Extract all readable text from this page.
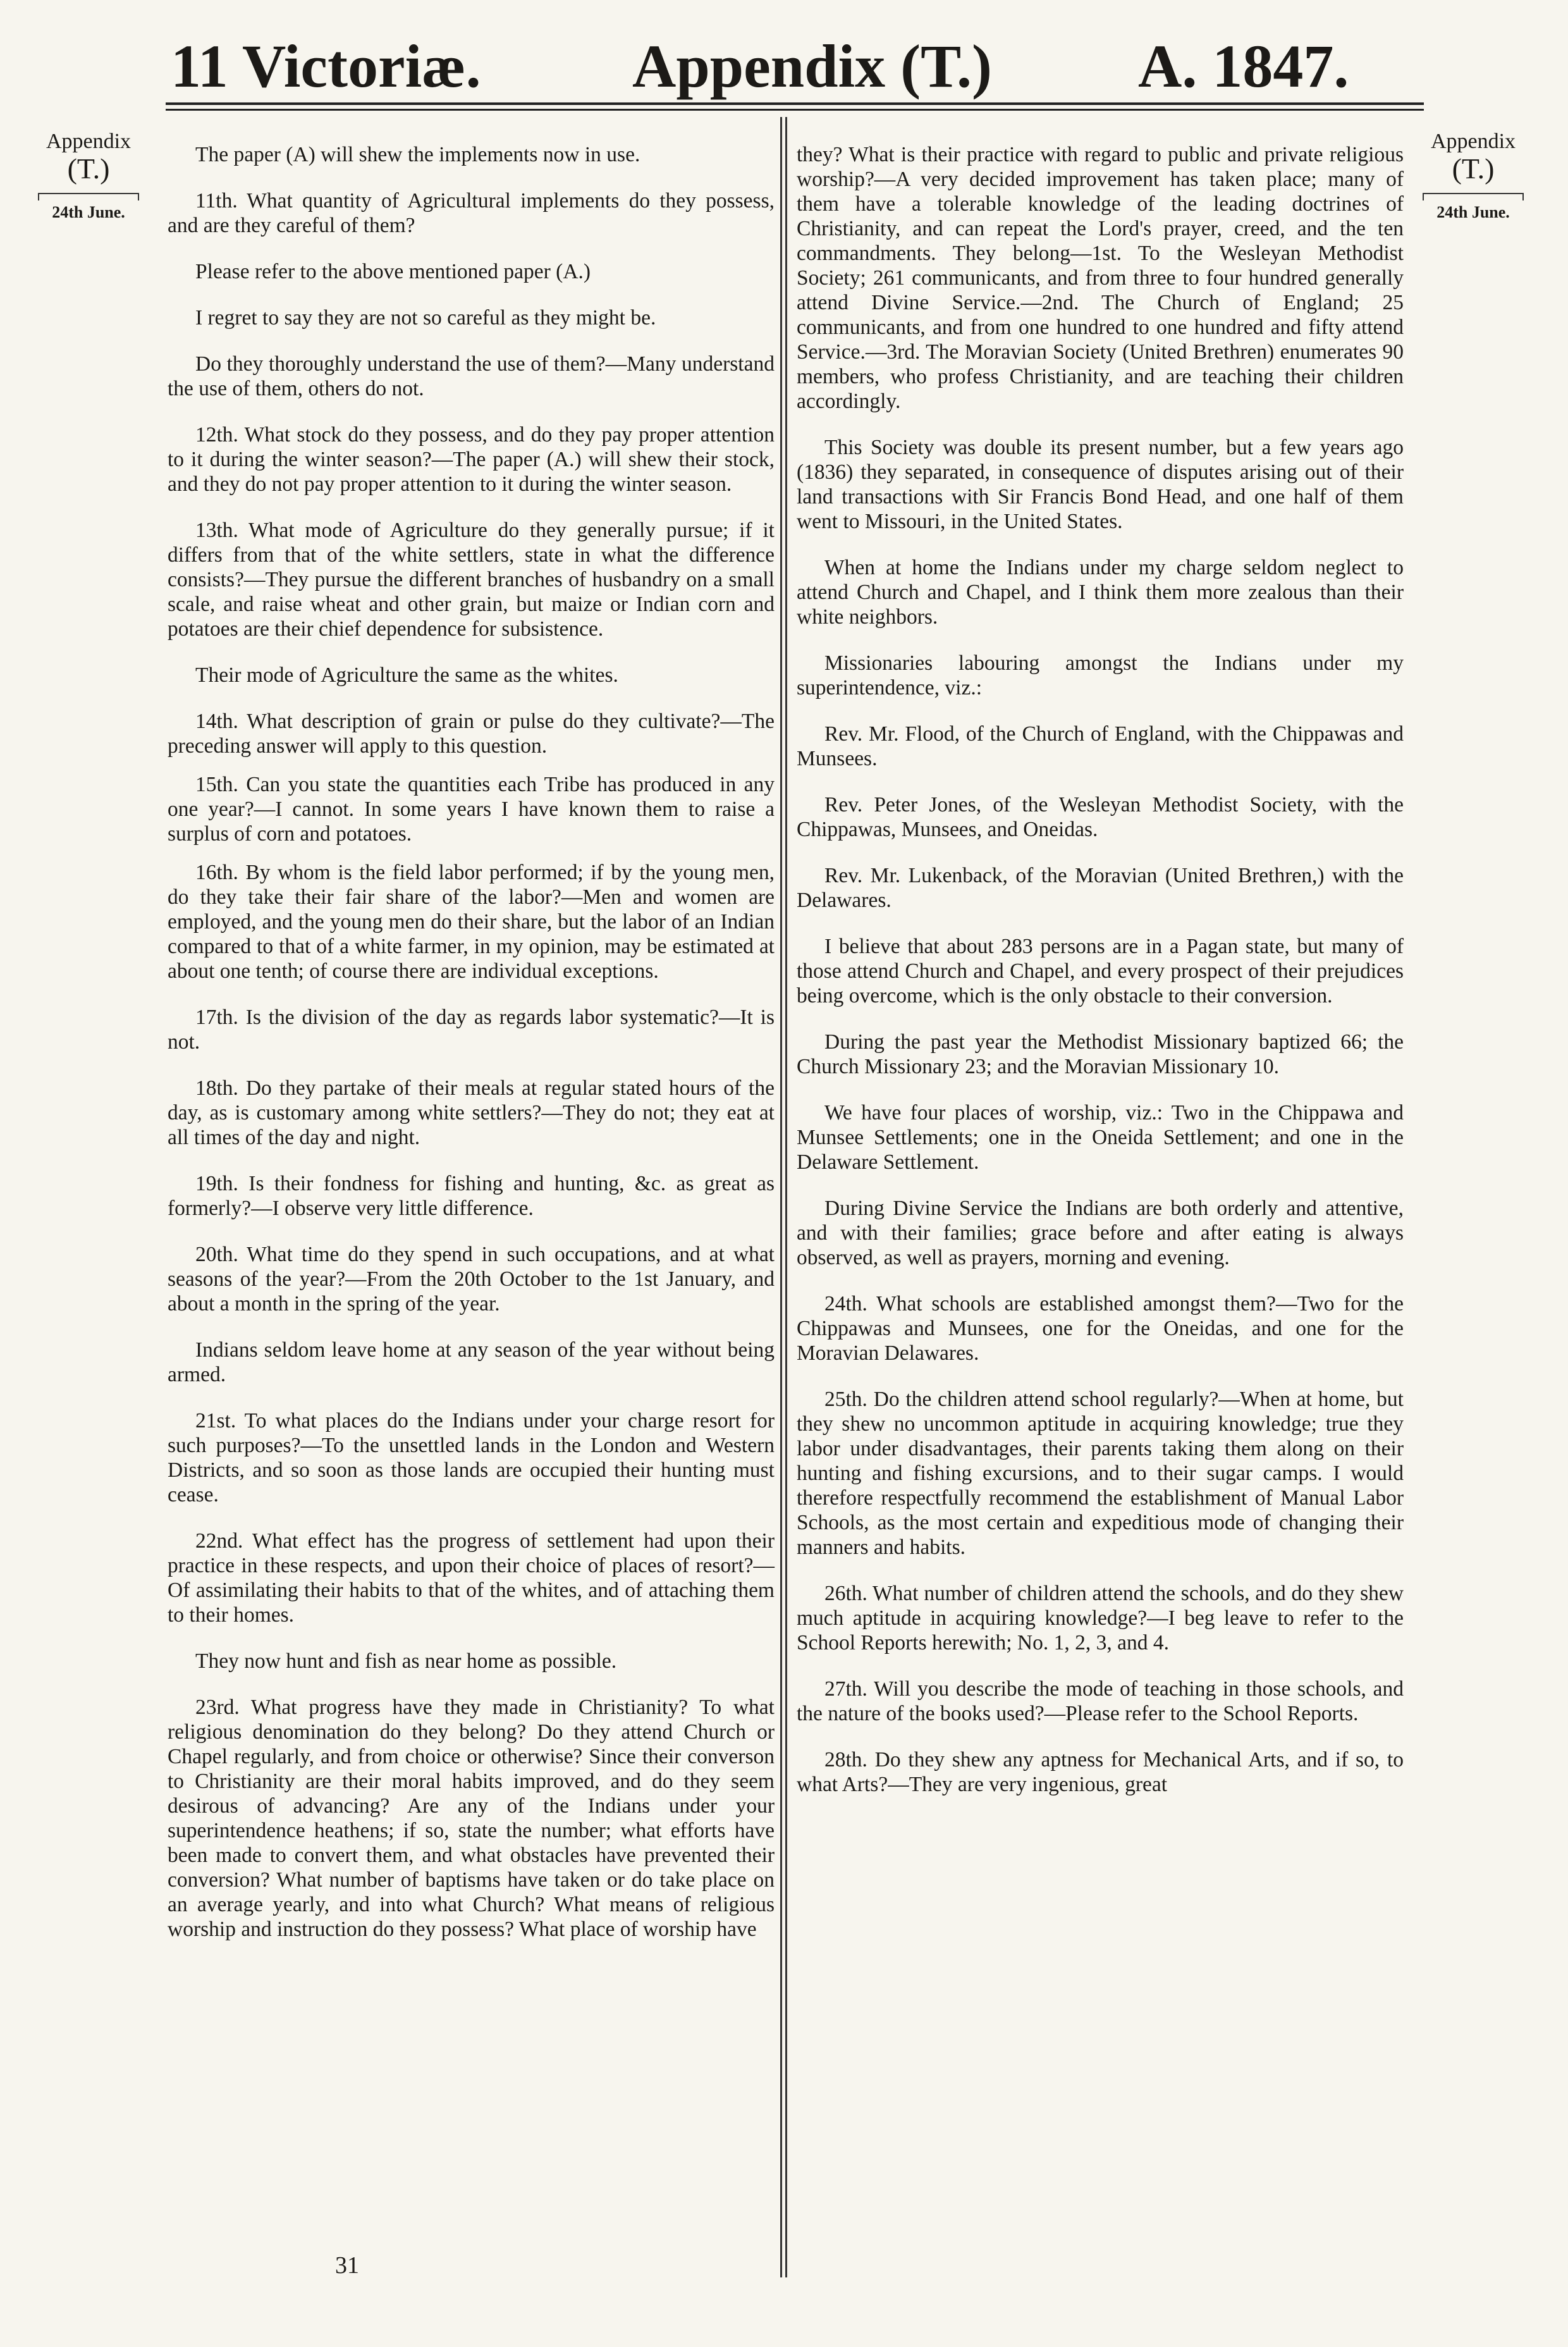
11 Victoriæ. Appendix (T.) A. 1847.
Appendix
(T.)
24th June.
Appendix
(T.)
24th June.

The paper (A) will shew the implements now in use.

11th. What quantity of Agricultural implements do they possess, and are they careful of them?

Please refer to the above mentioned paper (A.)

I regret to say they are not so careful as they might be.

Do they thoroughly understand the use of them?—Many understand the use of them, others do not.

12th. What stock do they possess, and do they pay proper attention to it during the winter season?—The paper (A.) will shew their stock, and they do not pay proper attention to it during the winter season.

13th. What mode of Agriculture do they generally pursue; if it differs from that of the white settlers, state in what the difference consists?—They pursue the different branches of husbandry on a small scale, and raise wheat and other grain, but maize or Indian corn and potatoes are their chief dependence for subsistence.

Their mode of Agriculture the same as the whites.

14th. What description of grain or pulse do they cultivate?—The preceding answer will apply to this question.

15th. Can you state the quantities each Tribe has produced in any one year?—I cannot. In some years I have known them to raise a surplus of corn and potatoes.

16th. By whom is the field labor performed; if by the young men, do they take their fair share of the labor?—Men and women are employed, and the young men do their share, but the labor of an Indian compared to that of a white farmer, in my opinion, may be estimated at about one tenth; of course there are individual exceptions.

17th. Is the division of the day as regards labor systematic?—It is not.

18th. Do they partake of their meals at regular stated hours of the day, as is customary among white settlers?—They do not; they eat at all times of the day and night.

19th. Is their fondness for fishing and hunting, &c. as great as formerly?—I observe very little difference.

20th. What time do they spend in such occupations, and at what seasons of the year?—From the 20th October to the 1st January, and about a month in the spring of the year.

Indians seldom leave home at any season of the year without being armed.

21st. To what places do the Indians under your charge resort for such purposes?—To the unsettled lands in the London and Western Districts, and so soon as those lands are occupied their hunting must cease.

22nd. What effect has the progress of settlement had upon their practice in these respects, and upon their choice of places of resort?—Of assimilating their habits to that of the whites, and of attaching them to their homes.

They now hunt and fish as near home as possible.

23rd. What progress have they made in Christianity? To what religious denomination do they belong? Do they attend Church or Chapel regularly, and from choice or otherwise? Since their converson to Christianity are their moral habits improved, and do they seem desirous of advancing? Are any of the Indians under your superintendence heathens; if so, state the number; what efforts have been made to convert them, and what obstacles have prevented their conversion? What number of baptisms have taken or do take place on an average yearly, and into what Church? What means of religious worship and instruction do they possess? What place of worship have

they? What is their practice with regard to public and private religious worship?—A very decided improvement has taken place; many of them have a tolerable knowledge of the leading doctrines of Christianity, and can repeat the Lord's prayer, creed, and the ten commandments. They belong—1st. To the Wesleyan Methodist Society; 261 communicants, and from three to four hundred generally attend Divine Service.—2nd. The Church of England; 25 communicants, and from one hundred to one hundred and fifty attend Service.—3rd. The Moravian Society (United Brethren) enumerates 90 members, who profess Christianity, and are teaching their children accordingly.

This Society was double its present number, but a few years ago (1836) they separated, in consequence of disputes arising out of their land transactions with Sir Francis Bond Head, and one half of them went to Missouri, in the United States.

When at home the Indians under my charge seldom neglect to attend Church and Chapel, and I think them more zealous than their white neighbors.

Missionaries labouring amongst the Indians under my superintendence, viz.:

Rev. Mr. Flood, of the Church of England, with the Chippawas and Munsees.

Rev. Peter Jones, of the Wesleyan Methodist Society, with the Chippawas, Munsees, and Oneidas.

Rev. Mr. Lukenback, of the Moravian (United Brethren,) with the Delawares.

I believe that about 283 persons are in a Pagan state, but many of those attend Church and Chapel, and every prospect of their prejudices being overcome, which is the only obstacle to their conversion.

During the past year the Methodist Missionary baptized 66; the Church Missionary 23; and the Moravian Missionary 10.

We have four places of worship, viz.: Two in the Chippawa and Munsee Settlements; one in the Oneida Settlement; and one in the Delaware Settlement.

During Divine Service the Indians are both orderly and attentive, and with their families; grace before and after eating is always observed, as well as prayers, morning and evening.

24th. What schools are established amongst them?—Two for the Chippawas and Munsees, one for the Oneidas, and one for the Moravian Delawares.

25th. Do the children attend school regularly?—When at home, but they shew no uncommon aptitude in acquiring knowledge; true they labor under disadvantages, their parents taking them along on their hunting and fishing excursions, and to their sugar camps. I would therefore respectfully recommend the establishment of Manual Labor Schools, as the most certain and expeditious mode of changing their manners and habits.

26th. What number of children attend the schools, and do they shew much aptitude in acquiring knowledge?—I beg leave to refer to the School Reports herewith; No. 1, 2, 3, and 4.

27th. Will you describe the mode of teaching in those schools, and the nature of the books used?—Please refer to the School Reports.

28th. Do they shew any aptness for Mechanical Arts, and if so, to what Arts?—They are very ingenious, great

31
